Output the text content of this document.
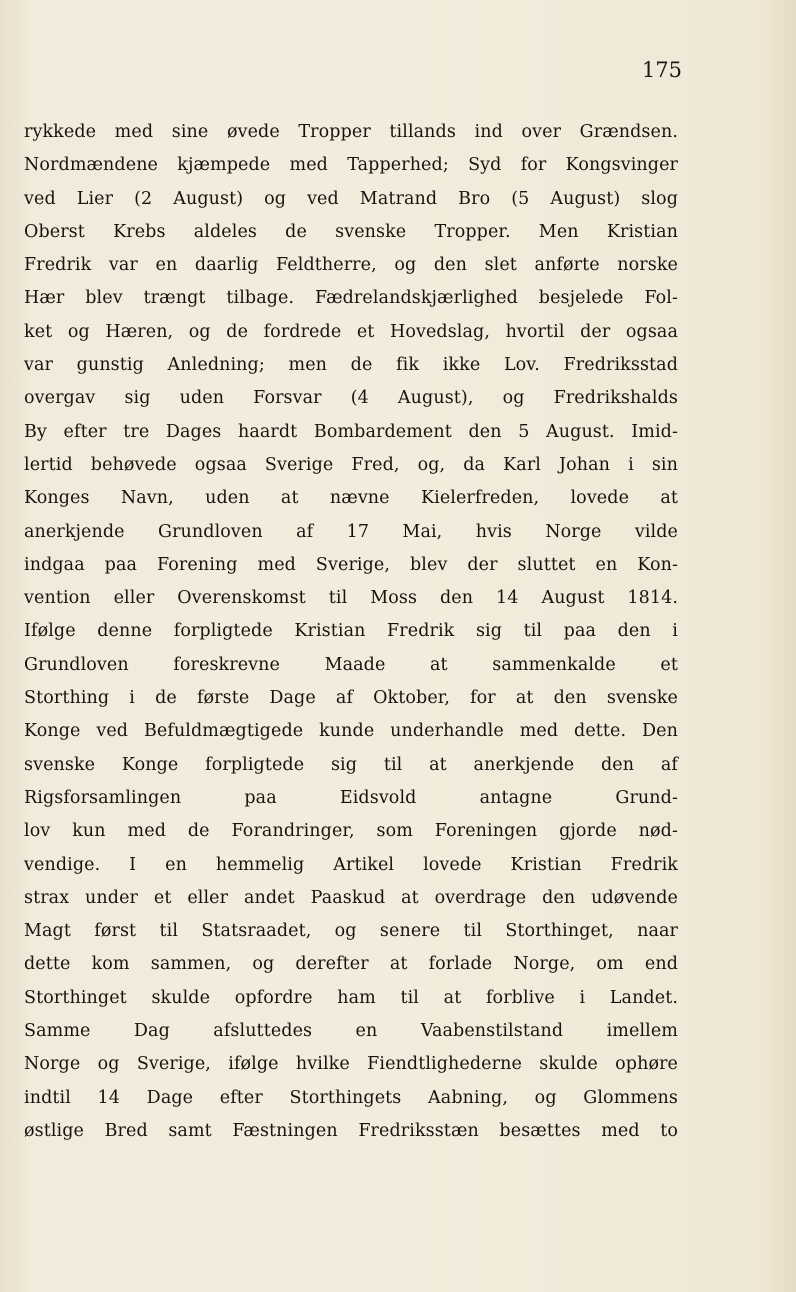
175
rykkede med sine øvede Tropper tillands ind over Grændsen.
Nordmændene kjæmpede med Tapperhed; Syd for Kongsvinger
ved Lier (2 August) og ved Matrand Bro (5 August) slog
Oberst Krebs aldeles de svenske Tropper. Men Kristian
Fredrik var en daarlig Feldtherre, og den slet anførte norske
Hær blev trængt tilbage. Fædrelandskjærlighed besjelede Fol-
ket og Hæren, og de fordrede et Hovedslag, hvortil der ogsaa
var gunstig Anledning; men de fik ikke Lov. Fredriksstad
overgav sig uden Forsvar (4 August), og Fredrikshalds
By efter tre Dages haardt Bombardement den 5 August. Imid-
lertid behøvede ogsaa Sverige Fred, og, da Karl Johan i sin
Konges Navn, uden at nævne Kielerfreden, lovede at
anerkjende Grundloven af 17 Mai, hvis Norge vilde
indgaa paa Forening med Sverige, blev der sluttet en Kon-
vention eller Overenskomst til Moss den 14 August 1814.
Ifølge denne forpligtede Kristian Fredrik sig til paa den i
Grundloven foreskrevne Maade at sammenkalde et
Storthing i de første Dage af Oktober, for at den svenske
Konge ved Befuldmægtigede kunde underhandle med dette. Den
svenske Konge forpligtede sig til at anerkjende den af
Rigsforsamlingen paa Eidsvold antagne Grund-
lov kun med de Forandringer, som Foreningen gjorde nød-
vendige. I en hemmelig Artikel lovede Kristian Fredrik
strax under et eller andet Paaskud at overdrage den udøvende
Magt først til Statsraadet, og senere til Storthinget, naar
dette kom sammen, og derefter at forlade Norge, om end
Storthinget skulde opfordre ham til at forblive i Landet.
Samme Dag afsluttedes en Vaabenstilstand imellem
Norge og Sverige, ifølge hvilke Fiendtlighederne skulde ophøre
indtil 14 Dage efter Storthingets Aabning, og Glommens
østlige Bred samt Fæstningen Fredriksstæn besættes med to
